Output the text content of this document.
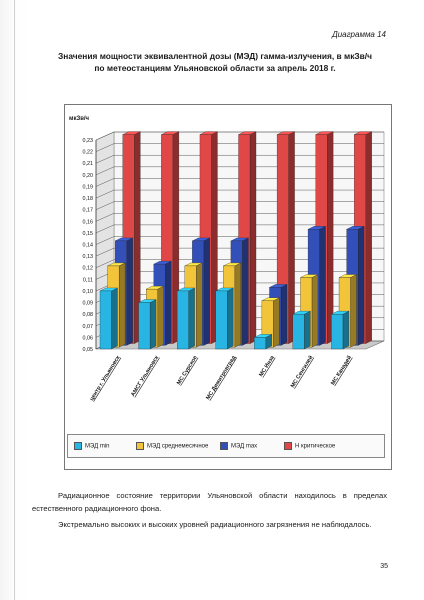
Диаграмма 14
Значения мощности эквивалентной дозы (МЭД) гамма-излучения, в мкЗв/ч
по метеостанциям Ульяновской области за апрель 2018 г.
мкЗв/ч
0,05
0,06
0,07
0,08
0,09
0,10
0,11
0,12
0,13
0,14
0,15
0,16
0,17
0,18
0,19
0,20
0,21
0,22
0,23
центр г. Ульяновск АМСГ Ульяновск	МС Сурское МС Димитровград	МС Инза	МС Сенгилей	МС Канадей
МЭД min	МЭД среднемесячное	МЭД max	Н критическое
Радиационное состояние территории Ульяновской области находилось в пределах естественного радиационного фона.
Экстремально высоких и высоких уровней радиационного загрязнения не наблюдалось.
35
